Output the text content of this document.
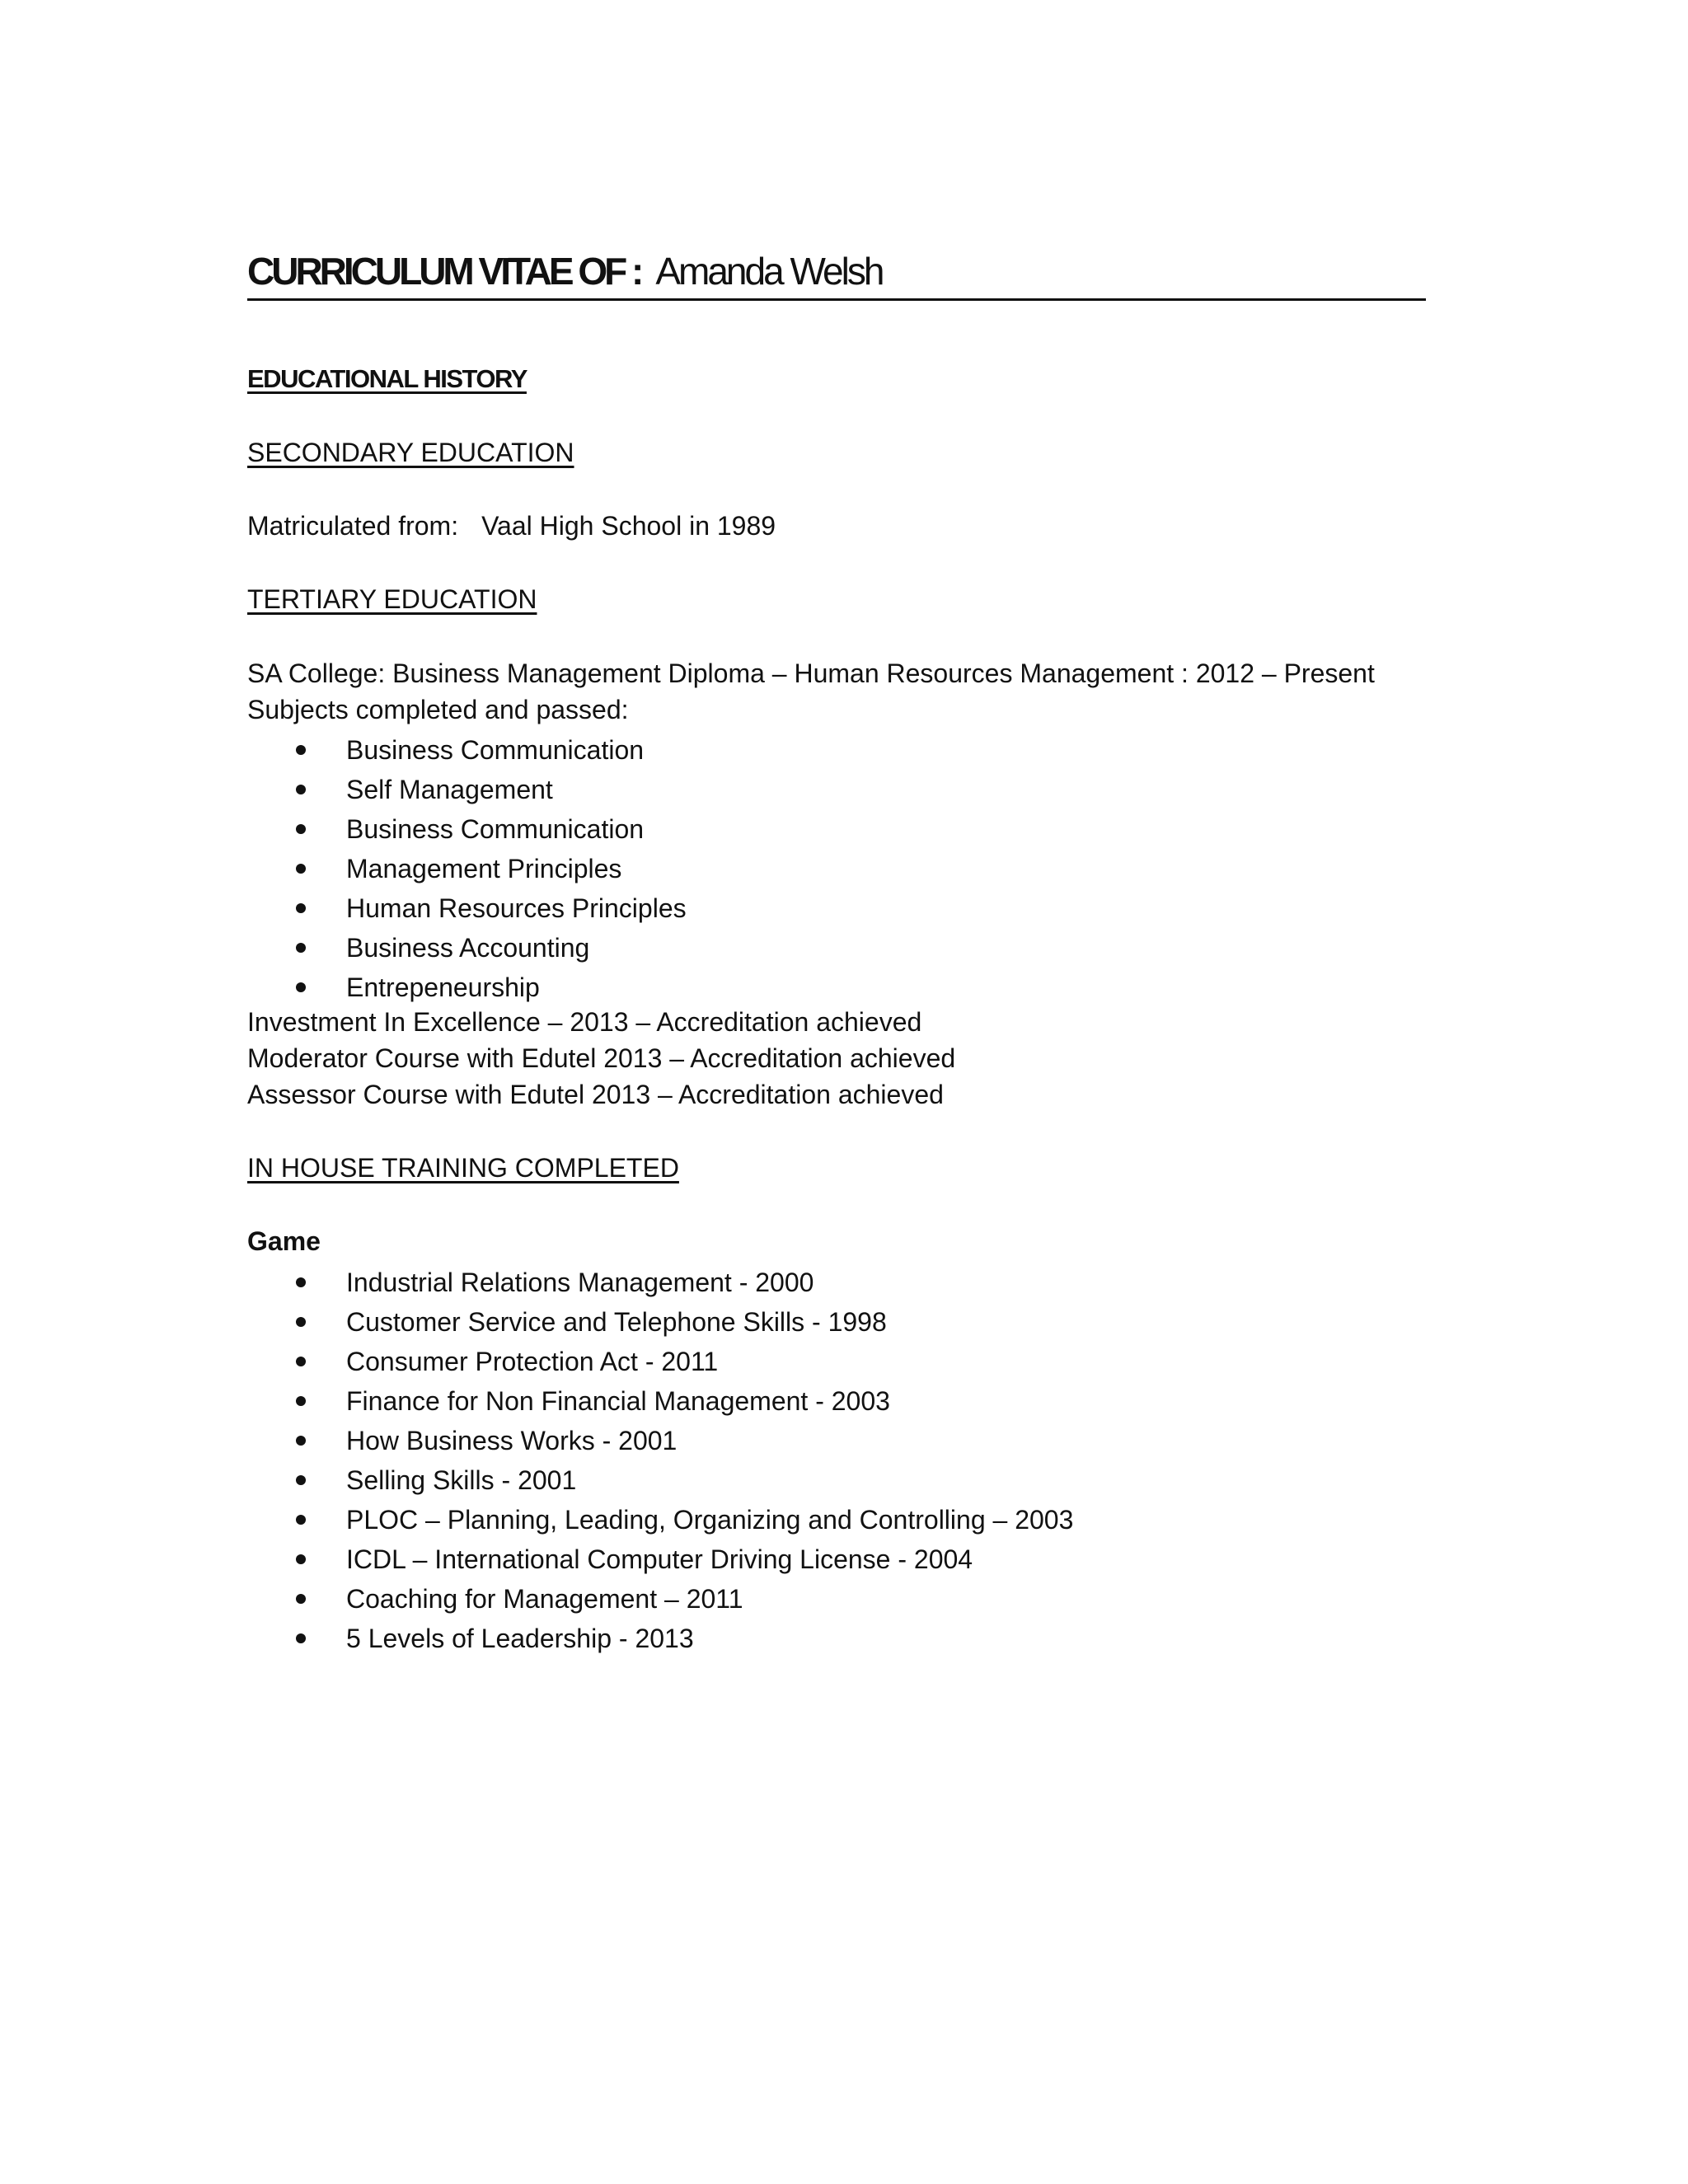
CURRICULUM VITAE OF : Amanda Welsh
EDUCATIONAL HISTORY
SECONDARY EDUCATION
Matriculated from: Vaal High School in 1989
TERTIARY EDUCATION
SA College: Business Management Diploma – Human Resources Management : 2012 – Present
Subjects completed and passed:
Business Communication
Self Management
Business Communication
Management Principles
Human Resources Principles
Business Accounting
Entrepeneurship
Investment In Excellence – 2013 – Accreditation achieved
Moderator Course with Edutel 2013 – Accreditation achieved
Assessor Course with Edutel 2013 – Accreditation achieved
IN HOUSE TRAINING COMPLETED
Game
Industrial Relations Management - 2000
Customer Service and Telephone Skills - 1998
Consumer Protection Act - 2011
Finance for Non Financial Management - 2003
How Business Works - 2001
Selling Skills - 2001
PLOC – Planning, Leading, Organizing and Controlling – 2003
ICDL – International Computer Driving License - 2004
Coaching for Management – 2011
5 Levels of Leadership - 2013
